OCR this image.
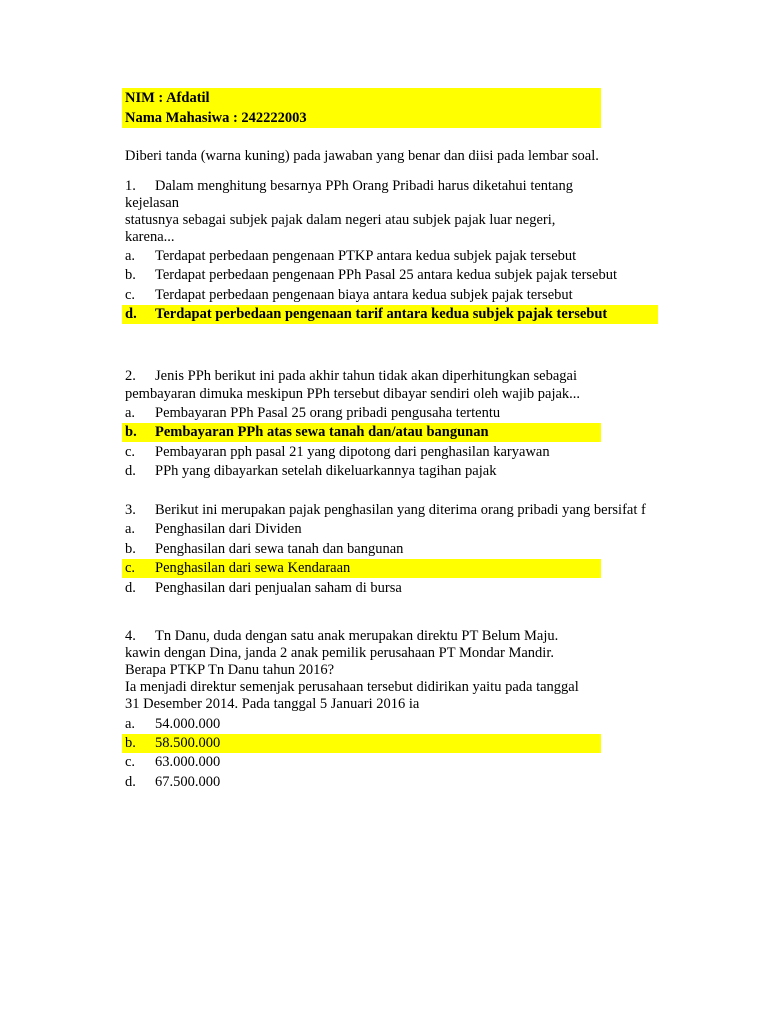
NIM : Afdatil
Nama Mahasiwa : 242222003
Diberi tanda (warna kuning) pada jawaban yang benar dan diisi pada lembar soal.
1. Dalam menghitung besarnya PPh Orang Pribadi harus diketahui tentang
kejelasan
statusnya sebagai subjek pajak dalam negeri atau subjek pajak luar negeri,
karena...
a. Terdapat perbedaan pengenaan PTKP antara kedua subjek pajak tersebut
b. Terdapat perbedaan pengenaan PPh Pasal 25 antara kedua subjek pajak tersebut
c. Terdapat perbedaan pengenaan biaya antara kedua subjek pajak tersebut
d. Terdapat perbedaan pengenaan tarif antara kedua subjek pajak tersebut
2. Jenis PPh berikut ini pada akhir tahun tidak akan diperhitungkan sebagai
pembayaran dimuka meskipun PPh tersebut dibayar sendiri oleh wajib pajak...
a. Pembayaran PPh Pasal 25 orang pribadi pengusaha tertentu
b. Pembayaran PPh atas sewa tanah dan/atau bangunan
c. Pembayaran pph pasal 21 yang dipotong dari penghasilan karyawan
d. PPh yang dibayarkan setelah dikeluarkannya tagihan pajak
3. Berikut ini merupakan pajak penghasilan yang diterima orang pribadi yang bersifat f
a. Penghasilan dari Dividen
b. Penghasilan dari sewa tanah dan bangunan
c. Penghasilan dari sewa Kendaraan
d. Penghasilan dari penjualan saham di bursa
4. Tn Danu, duda dengan satu anak merupakan direktu PT Belum Maju.
kawin dengan Dina, janda 2 anak pemilik perusahaan PT Mondar Mandir.
Berapa PTKP Tn Danu tahun 2016?
Ia menjadi direktur semenjak perusahaan tersebut didirikan yaitu pada tanggal
31 Desember 2014. Pada tanggal 5 Januari 2016 ia
a. 54.000.000
b. 58.500.000
c. 63.000.000
d. 67.500.000
